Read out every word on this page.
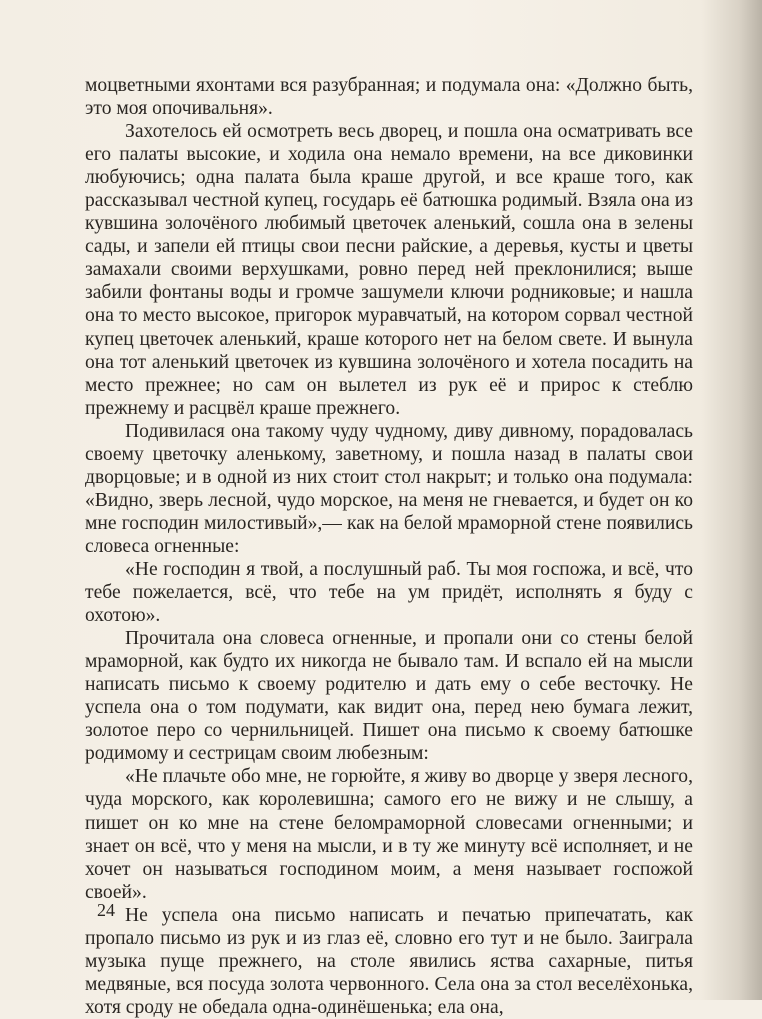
моцветными яхонтами вся разубранная; и подумала она: «Должно быть, это моя опочивальня».

Захотелось ей осмотреть весь дворец, и пошла она осматривать все его палаты высокие, и ходила она немало времени, на все диковинки любуючись; одна палата была краше другой, и все краше того, как рассказывал честной купец, государь её батюшка родимый. Взяла она из кувшина золочёного любимый цветочек аленький, сошла она в зелены сады, и запели ей птицы свои песни райские, а деревья, кусты и цветы замахали своими верхушками, ровно перед ней преклонилися; выше забили фонтаны воды и громче зашумели ключи родниковые; и нашла она то место высокое, пригорок муравчатый, на котором сорвал честной купец цветочек аленький, краше которого нет на белом свете. И вынула она тот аленький цветочек из кувшина золочёного и хотела посадить на место прежнее; но сам он вылетел из рук её и прирос к стеблю прежнему и расцвёл краше прежнего.

Подивилася она такому чуду чудному, диву дивному, порадовалась своему цветочку аленькому, заветному, и пошла назад в палаты свои дворцовые; и в одной из них стоит стол накрыт; и только она подумала: «Видно, зверь лесной, чудо морское, на меня не гневается, и будет он ко мне господин милостивый»,— как на белой мраморной стене появились словеса огненные:

«Не господин я твой, а послушный раб. Ты моя госпожа, и всё, что тебе пожелается, всё, что тебе на ум придёт, исполнять я буду с охотою».

Прочитала она словеса огненные, и пропали они со стены белой мраморной, как будто их никогда не бывало там. И вспало ей на мысли написать письмо к своему родителю и дать ему о себе весточку. Не успела она о том подумати, как видит она, перед нею бумага лежит, золотое перо со чернильницей. Пишет она письмо к своему батюшке родимому и сестрицам своим любезным:

«Не плачьте обо мне, не горюйте, я живу во дворце у зверя лесного, чуда морского, как королевишна; самого его не вижу и не слышу, а пишет он ко мне на стене беломраморной словесами огненными; и знает он всё, что у меня на мысли, и в ту же минуту всё исполняет, и не хочет он называться господином моим, а меня называет госпожой своей».

Не успела она письмо написать и печатью припечатать, как пропало письмо из рук и из глаз её, словно его тут и не было. Заиграла музыка пуще прежнего, на столе явились яства сахарные, питья медвяные, вся посуда золота червонного. Села она за стол веселёхонька, хотя сроду не обедала одна-одинёшенька; ела она,

24
